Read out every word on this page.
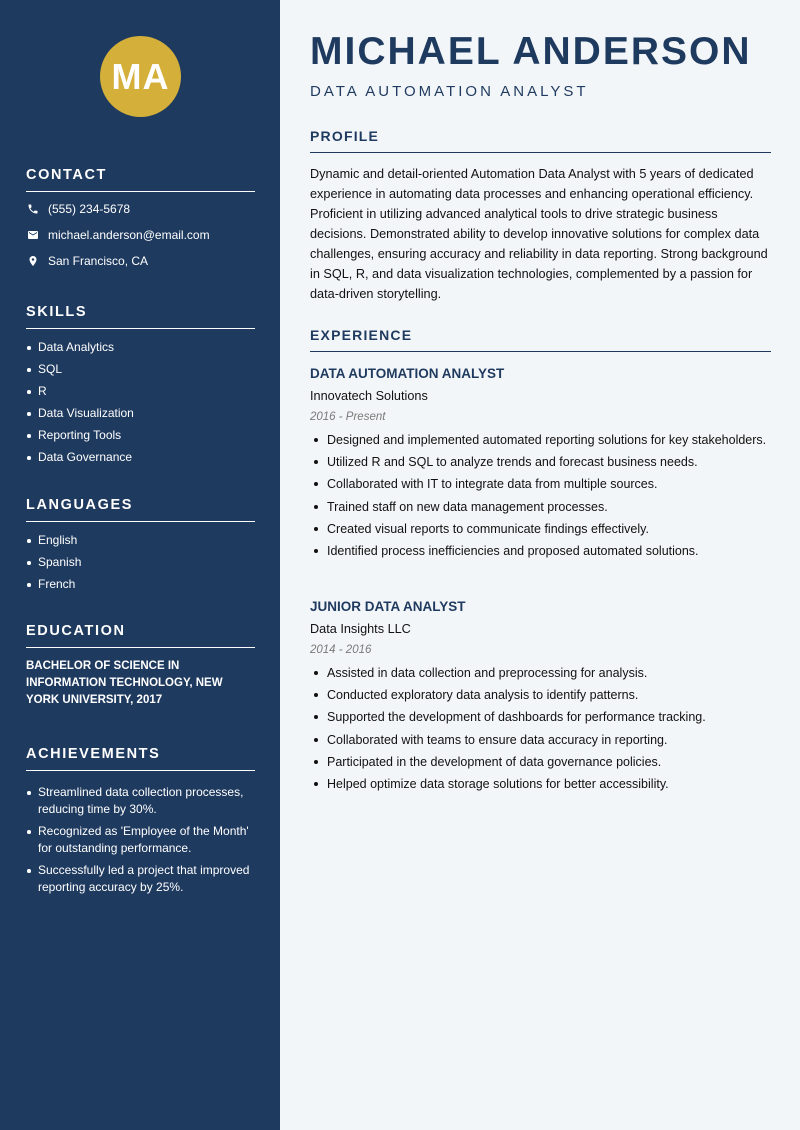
MA
CONTACT
(555) 234-5678
michael.anderson@email.com
San Francisco, CA
SKILLS
Data Analytics
SQL
R
Data Visualization
Reporting Tools
Data Governance
LANGUAGES
English
Spanish
French
EDUCATION
BACHELOR OF SCIENCE IN
INFORMATION TECHNOLOGY, NEW
YORK UNIVERSITY, 2017
ACHIEVEMENTS
Streamlined data collection processes, reducing time by 30%.
Recognized as 'Employee of the Month' for outstanding performance.
Successfully led a project that improved reporting accuracy by 25%.
MICHAEL ANDERSON
DATA AUTOMATION ANALYST
PROFILE

Dynamic and detail-oriented Automation Data Analyst with 5 years of dedicated experience in automating data processes and enhancing operational efficiency. Proficient in utilizing advanced analytical tools to drive strategic business decisions. Demonstrated ability to develop innovative solutions for complex data challenges, ensuring accuracy and reliability in data reporting. Strong background in SQL, R, and data visualization technologies, complemented by a passion for data-driven storytelling.

EXPERIENCE
DATA AUTOMATION ANALYST
Innovatech Solutions
2016 - Present
Designed and implemented automated reporting solutions for key stakeholders.
Utilized R and SQL to analyze trends and forecast business needs.
Collaborated with IT to integrate data from multiple sources.
Trained staff on new data management processes.
Created visual reports to communicate findings effectively.
Identified process inefficiencies and proposed automated solutions.
JUNIOR DATA ANALYST
Data Insights LLC
2014 - 2016
Assisted in data collection and preprocessing for analysis.
Conducted exploratory data analysis to identify patterns.
Supported the development of dashboards for performance tracking.
Collaborated with teams to ensure data accuracy in reporting.
Participated in the development of data governance policies.
Helped optimize data storage solutions for better accessibility.
